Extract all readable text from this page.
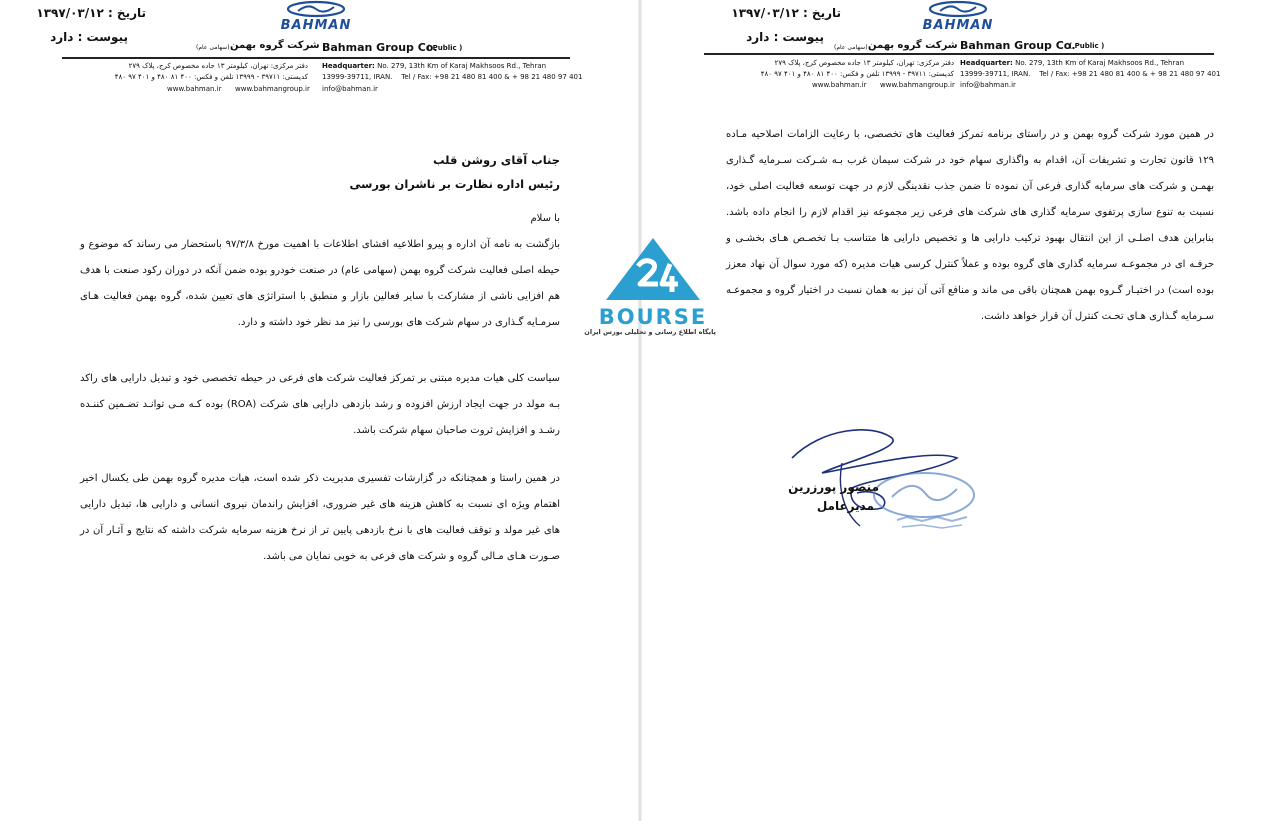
تاریخ : ۱۳۹۷/۰۳/۱۲
پیوست : دارد
BAHMAN
(سهامی عام) شرکت گروه بهمن Bahman Group Co.
( Public )
دفتر مرکزی: تهران، کیلومتر ۱۳ جاده مخصوص کرج، پلاک ۲۷۹
کدپستی: ۳۹۷۱۱ - ۱۳۹۹۹ تلفن و فکس: ۴۰۰ ۸۱ ۴۸۰ و ۴۰۱ ۹۷ ۴۸۰
www.bahman.ir www.bahmangroup.ir
Headquarter: No. 279, 13th Km of Karaj Makhsoos Rd., Tehran
13999-39711, IRAN. Tel / Fax: +98 21 480 81 400 & + 98 21 480 97 401
info@bahman.ir
جناب آقای روشن قلب
رئیس اداره نظارت بر ناشران بورسی
با سلام
بازگشت به نامه آن اداره و پیرو اطلاعیه افشای اطلاعات با اهمیت مورخ ۹۷/۳/۸ باستحضار می رساند که موضوع و حیطه اصلی فعالیت شرکت گروه بهمن (سهامی عام) در صنعت خودرو بوده ضمن آنکه در دوران رکود صنعت با هدف هم افزایی ناشی از مشارکت با سایر فعالین بازار و منطبق با استراتژی های تعیین شده، گروه بهمن فعالیت هـای سرمـایه گـذاری در سهام شرکت های بورسی را نیز مد نظر خود داشته و دارد.
سیاست کلی هیات مدیره مبتنی بر تمرکز فعالیت شرکت های فرعی در حیطه تخصصی خود و تبدیل دارایی های راکد بـه مولد در جهت ایجاد ارزش افزوده و رشد بازدهی دارایی های شرکت (ROA) بوده کـه مـی توانـد تضـمین کننـده رشـد و افزایش ثروت صاحبان سهام شرکت باشد.
در همین راستا و همچنانکه در گزارشات تفسیری مدیریت ذکر شده است، هیات مدیره گروه بهمن طی یکسال اخیر اهتمام ویژه ای نسبت به کاهش هزینه های غیر ضروری، افزایش راندمان نیروی انسانی و دارایی ها، تبدیل دارایی های غیر مولد و توقف فعالیت های با نرخ بازدهی پایین تر از نرخ هزینه سرمایه شرکت داشته که نتایج و آثـار آن در صـورت هـای مـالی گروه و شرکت های فرعی به خوبی نمایان می باشد.
تاریخ : ۱۳۹۷/۰۳/۱۲
پیوست : دارد
BAHMAN
(سهامی عام) شرکت گروه بهمن Bahman Group Co.
( Public )
دفتر مرکزی: تهران، کیلومتر ۱۳ جاده مخصوص کرج، پلاک ۲۷۹
کدپستی: ۳۹۷۱۱ - ۱۳۹۹۹ تلفن و فکس: ۴۰۰ ۸۱ ۴۸۰ و ۴۰۱ ۹۷ ۴۸۰
www.bahman.ir www.bahmangroup.ir
Headquarter: No. 279, 13th Km of Karaj Makhsoos Rd., Tehran
13999-39711, IRAN. Tel / Fax: +98 21 480 81 400 & + 98 21 480 97 401
info@bahman.ir
در همین مورد شرکت گروه بهمن و در راستای برنامه تمرکز فعالیت های تخصصی، با رعایت الزامات اصلاحیه مـاده ۱۲۹ قانون تجارت و تشریفات آن، اقدام به واگذاری سهام خود در شرکت سیمان غرب بـه شـرکت سـرمایه گـذاری بهمـن و شرکت های سرمایه گذاری فرعی آن نموده تا ضمن جذب نقدینگی لازم در جهت توسعه فعالیت اصلی خود، نسبت به تنوع سازی پرتفوی سرمایه گذاری های شرکت های فرعی زیر مجموعه نیز اقدام لازم را انجام داده باشد. بنابراین هدف اصلـی از این انتقال بهبود ترکیب دارایی ها و تخصیص دارایی ها متناسب بـا تخصـص هـای بخشـی و حرفـه ای در مجموعـه سرمایه گذاری های گروه بوده و عملاً کنترل کرسی هیات مدیره (که مورد سوال آن نهاد معزز بوده است) در اختیـار گـروه بهمن همچنان باقی می ماند و منافع آتی آن نیز به همان نسبت در اختیار گروه و مجموعـه سـرمایه گـذاری هـای تحـت کنترل آن قرار خواهد داشت.
منصور پورزرین
مدیرعامل
BOURSE
پایگاه اطلاع رسانی و تحلیلی بورس ایران
